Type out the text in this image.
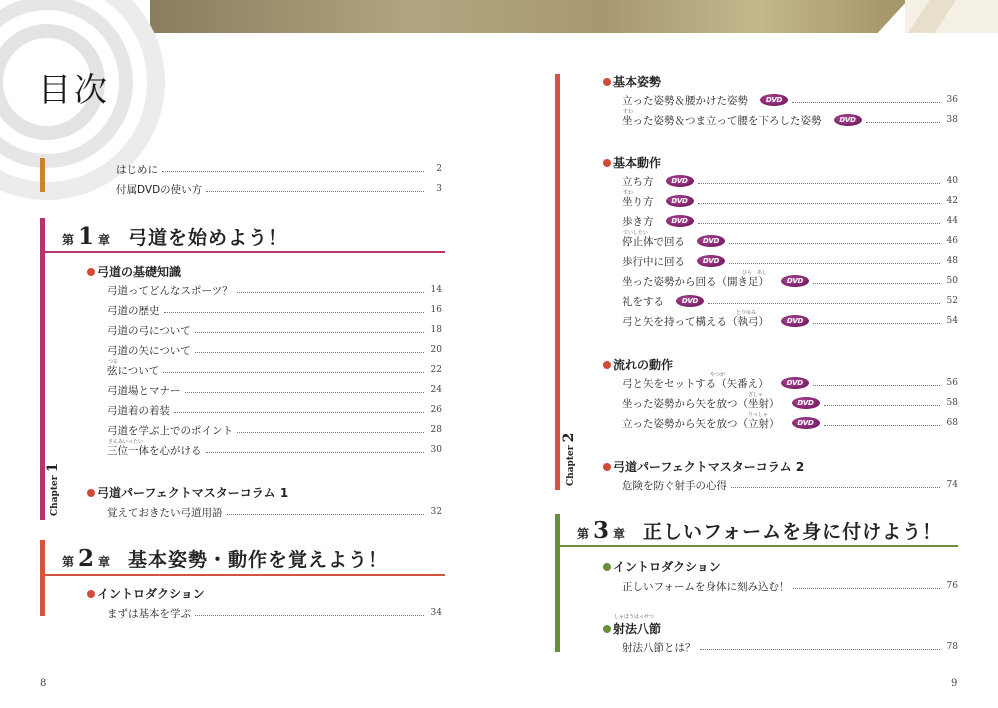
目次
はじめに	2
付属DVDの使い方	3
第 1 章 弓道を始めよう！
Chapter 1
弓道の基礎知識
弓道ってどんなスポーツ？	14
弓道の歴史	16
弓道の弓について	18
弓道の矢について	20
つる
弦について	22
弓道場とマナー	24
弓道着の着装	26
弓道を学ぶ上でのポイント	28
さんみいったい
三位一体を心がける	30
弓道パーフェクトマスターコラム 1
覚えておきたい弓道用語	32
第 2 章 基本姿勢・動作を覚えよう！
イントロダクション
まずは基本を学ぶ	34
8
Chapter 2
基本姿勢
立った姿勢＆腰かけた姿勢	DVD	36
すわ
坐った姿勢＆つま立って腰を下ろした姿勢	DVD	38
基本動作
立ち方	DVD	40
すわ
坐り方	DVD	42
歩き方	DVD	44
ていしたい
停止体で回る	DVD	46
歩行中に回る	DVD	48
ひら　あし
坐った姿勢から回る（開き足）	DVD	50
礼をする	DVD	52
とりゆみ
弓と矢を持って構える（執弓）	DVD	54
流れの動作
やつが
弓と矢をセットする（矢番え）	DVD	56
ざしゃ
坐った姿勢から矢を放つ（坐射）	DVD	58
りっしゃ
立った姿勢から矢を放つ（立射）	DVD	68
弓道パーフェクトマスターコラム 2
危険を防ぐ射手の心得	74
第 3 章 正しいフォームを身に付けよう！
イントロダクション
正しいフォームを身体に刻み込む！	76
しゃほうはっせつ
射法八節
射法八節とは？	78
9
